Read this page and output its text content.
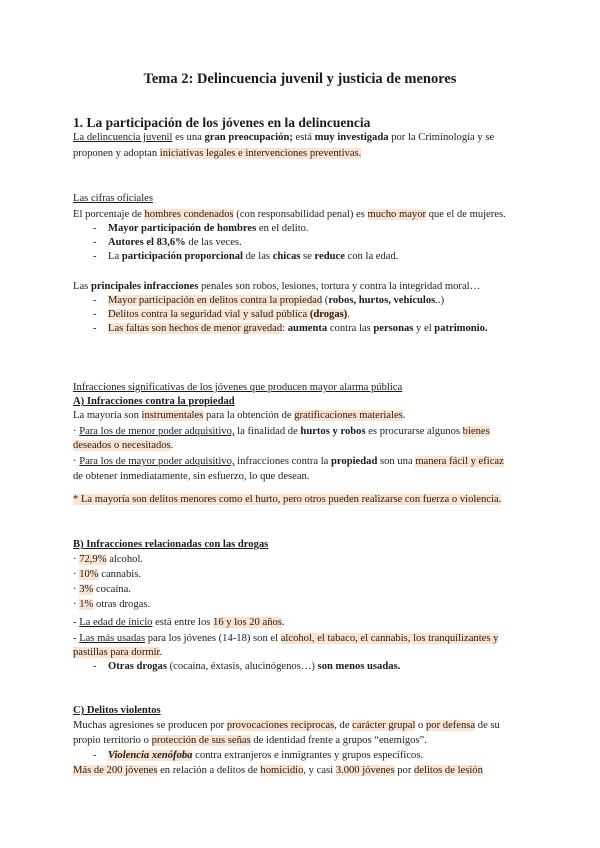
Tema 2: Delincuencia juvenil y justicia de menores
1. La participación de los jóvenes en la delincuencia
La delincuencia juvenil es una gran preocupación; está muy investigada por la Criminología y se
proponen y adoptan iniciativas legales e intervenciones preventivas.
Las cifras oficiales
El porcentaje de hombres condenados (con responsabilidad penal) es mucho mayor que el de mujeres.
- Mayor participación de hombres en el delito.
- Autores el 83,6% de las veces.
- La participación proporcional de las chicas se reduce con la edad.
Las principales infracciones penales son robos, lesiones, tortura y contra la integridad moral…
- Mayor participación en delitos contra la propiedad (robos, hurtos, vehículos..)
- Delitos contra la seguridad vial y salud pública (drogas).
- Las faltas son hechos de menor gravedad: aumenta contra las personas y el patrimonio.
Infracciones significativas de los jóvenes que producen mayor alarma pública
A) Infracciones contra la propiedad
La mayoría son instrumentales para la obtención de gratificaciones materiales.
· Para los de menor poder adquisitivo, la finalidad de hurtos y robos es procurarse algunos bienes
deseados o necesitados.
· Para los de mayor poder adquisitivo, infracciones contra la propiedad son una manera fácil y eficaz
de obtener inmediatamente, sin esfuerzo, lo que desean.
* La mayoría son delitos menores como el hurto, pero otros pueden realizarse con fuerza o violencia.
B) Infracciones relacionadas con las drogas
· 72,9% alcohol.
· 10% cannabis.
· 3% cocaína.
· 1% otras drogas.
- La edad de inicio está entre los 16 y los 20 años.
- Las más usadas para los jóvenes (14-18) son el alcohol, el tabaco, el cannabis, los tranquilizantes y
pastillas para dormir.
- Otras drogas (cocaína, éxtasis, alucinógenos…) son menos usadas.
C) Delitos violentos
Muchas agresiones se producen por provocaciones recíprocas, de carácter grupal o por defensa de su
propio territorio o protección de sus señas de identidad frente a grupos “enemigos”.
- Violencia xenófoba contra extranjeros e inmigrantes y grupos específicos.
Más de 200 jóvenes en relación a delitos de homicidio, y casi 3.000 jóvenes por delitos de lesión
